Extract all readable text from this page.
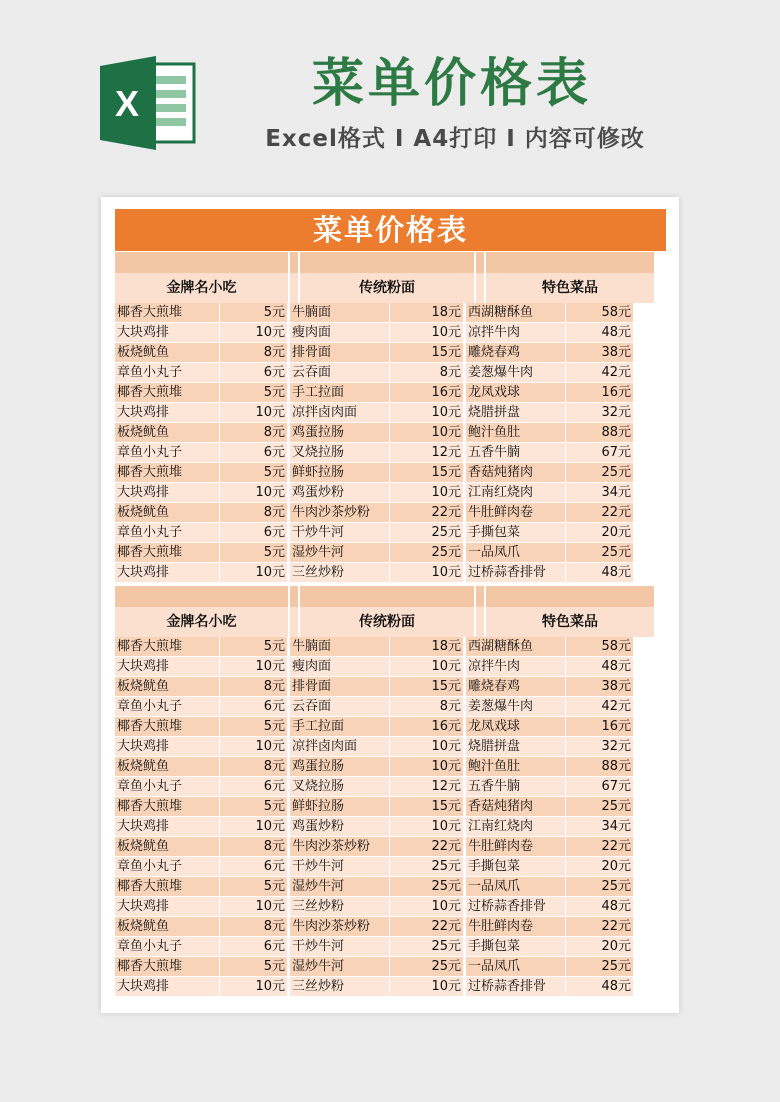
X	菜单价格表
Excel格式 I A4打印 I 内容可修改
菜单价格表
金牌名小吃	传统粉面	特色菜品
椰香大煎堆	5元 牛腩面	18元 西湖糖酥鱼	58元
大块鸡排	10元 瘦肉面	10元 凉拌牛肉	48元
板烧鱿鱼	8元 排骨面	15元 雕烧春鸡	38元
章鱼小丸子	6元 云吞面	8元 姜葱爆牛肉	42元
椰香大煎堆	5元 手工拉面	16元 龙凤戏球	16元
大块鸡排	10元 凉拌卤肉面	10元 烧腊拼盘	32元
板烧鱿鱼	8元 鸡蛋拉肠	10元 鲍汁鱼肚	88元
章鱼小丸子	6元 叉烧拉肠	12元 五香牛腩	67元
椰香大煎堆	5元 鲜虾拉肠	15元 香菇炖猪肉	25元
大块鸡排	10元 鸡蛋炒粉	10元 江南红烧肉	34元
板烧鱿鱼	8元 牛肉沙茶炒粉	22元 牛肚鲜肉卷	22元
章鱼小丸子	6元 干炒牛河	25元 手撕包菜	20元
椰香大煎堆	5元 湿炒牛河	25元 一品凤爪	25元
大块鸡排	10元 三丝炒粉	10元 过桥蒜香排骨	48元
金牌名小吃	传统粉面	特色菜品
椰香大煎堆	5元 牛腩面	18元 西湖糖酥鱼	58元
大块鸡排	10元 瘦肉面	10元 凉拌牛肉	48元
板烧鱿鱼	8元 排骨面	15元 雕烧春鸡	38元
章鱼小丸子	6元 云吞面	8元 姜葱爆牛肉	42元
椰香大煎堆	5元 手工拉面	16元 龙凤戏球	16元
大块鸡排	10元 凉拌卤肉面	10元 烧腊拼盘	32元
板烧鱿鱼	8元 鸡蛋拉肠	10元 鲍汁鱼肚	88元
章鱼小丸子	6元 叉烧拉肠	12元 五香牛腩	67元
椰香大煎堆	5元 鲜虾拉肠	15元 香菇炖猪肉	25元
大块鸡排	10元 鸡蛋炒粉	10元 江南红烧肉	34元
板烧鱿鱼	8元 牛肉沙茶炒粉	22元 牛肚鲜肉卷	22元
章鱼小丸子	6元 干炒牛河	25元 手撕包菜	20元
椰香大煎堆	5元 湿炒牛河	25元 一品凤爪	25元
大块鸡排	10元 三丝炒粉	10元 过桥蒜香排骨	48元
板烧鱿鱼	8元 牛肉沙茶炒粉	22元 牛肚鲜肉卷	22元
章鱼小丸子	6元 干炒牛河	25元 手撕包菜	20元
椰香大煎堆	5元 湿炒牛河	25元 一品凤爪	25元
大块鸡排	10元 三丝炒粉	10元 过桥蒜香排骨	48元
